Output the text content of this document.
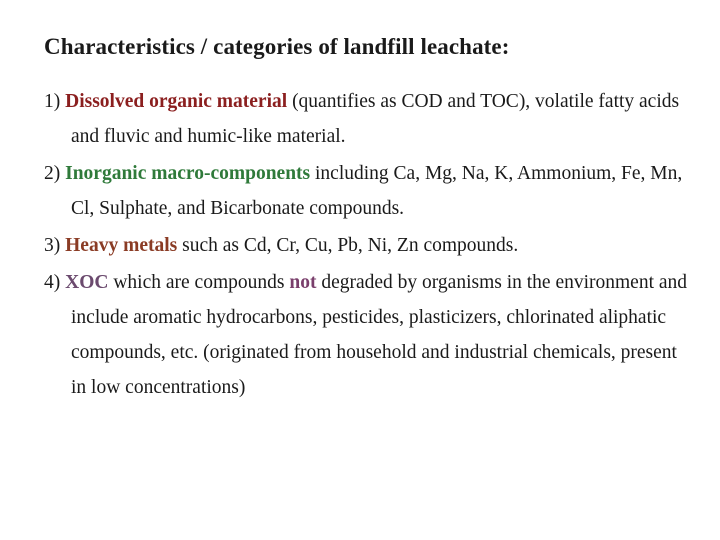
Characteristics / categories of landfill leachate:
1) Dissolved organic material (quantifies as COD and TOC), volatile fatty acids and fluvic and humic-like material.
2) Inorganic macro-components including Ca, Mg, Na, K, Ammonium, Fe, Mn, Cl, Sulphate, and Bicarbonate compounds.
3) Heavy metals such as Cd, Cr, Cu, Pb, Ni, Zn compounds.
4) XOC which are compounds not degraded by organisms in the environment and include aromatic hydrocarbons, pesticides, plasticizers, chlorinated aliphatic compounds, etc. (originated from household and industrial chemicals, present in low concentrations)
